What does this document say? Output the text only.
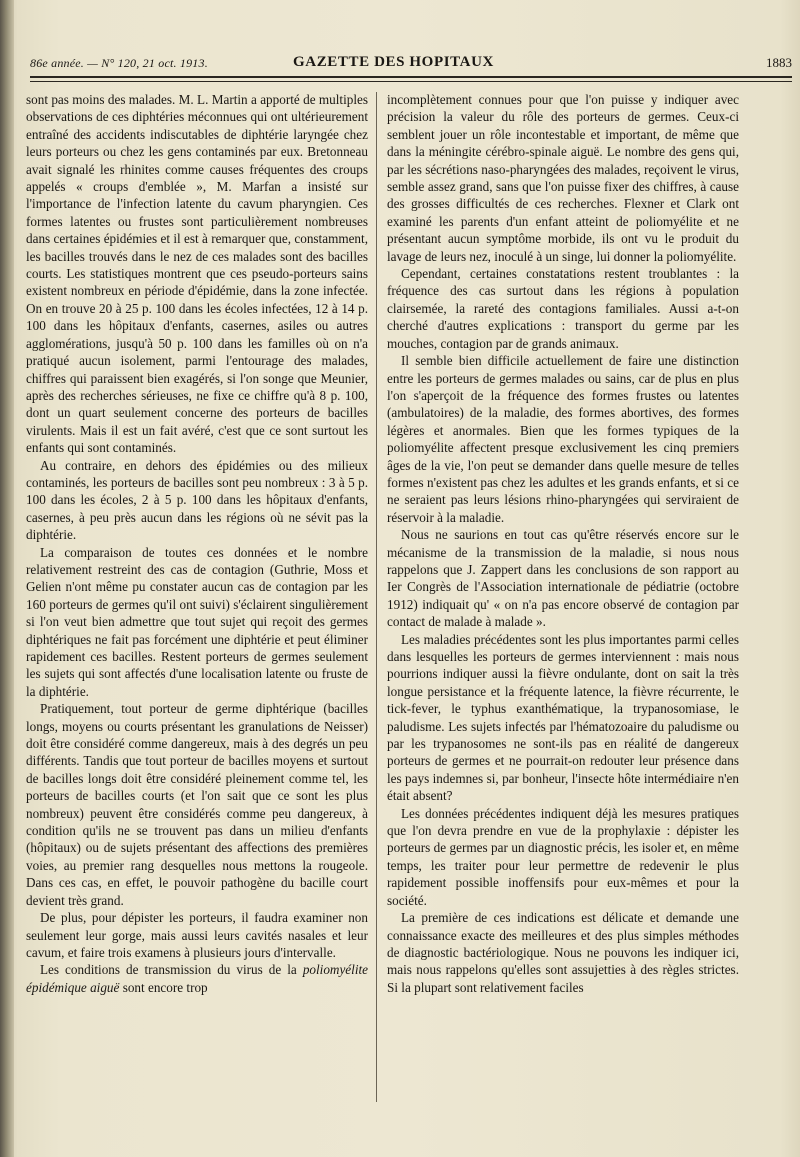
86e année. — N° 120, 21 oct. 1913.	GAZETTE DES HOPITAUX	1883

sont pas moins des malades. M. L. Martin a apporté de multiples observations de ces diphtéries méconnues qui ont ultérieurement entraîné des accidents indiscutables de diphtérie laryngée chez leurs porteurs ou chez les gens contaminés par eux. Bretonneau avait signalé les rhinites comme causes fréquentes des croups appelés « croups d'emblée », M. Marfan a insisté sur l'importance de l'infection latente du cavum pharyngien. Ces formes latentes ou frustes sont particulièrement nombreuses dans certaines épidémies et il est à remarquer que, constamment, les bacilles trouvés dans le nez de ces malades sont des bacilles courts. Les statistiques montrent que ces pseudo-porteurs sains existent nombreux en période d'épidémie, dans la zone infectée. On en trouve 20 à 25 p. 100 dans les écoles infectées, 12 à 14 p. 100 dans les hôpitaux d'enfants, casernes, asiles ou autres agglomérations, jusqu'à 50 p. 100 dans les familles où on n'a pratiqué aucun isolement, parmi l'entourage des malades, chiffres qui paraissent bien exagérés, si l'on songe que Meunier, après des recherches sérieuses, ne fixe ce chiffre qu'à 8 p. 100, dont un quart seulement concerne des porteurs de bacilles virulents. Mais il est un fait avéré, c'est que ce sont surtout les enfants qui sont contaminés.

Au contraire, en dehors des épidémies ou des milieux contaminés, les porteurs de bacilles sont peu nombreux : 3 à 5 p. 100 dans les écoles, 2 à 5 p. 100 dans les hôpitaux d'enfants, casernes, à peu près aucun dans les régions où ne sévit pas la diphtérie.

La comparaison de toutes ces données et le nombre relativement restreint des cas de contagion (Guthrie, Moss et Gelien n'ont même pu constater aucun cas de contagion par les 160 porteurs de germes qu'il ont suivi) s'éclairent singulièrement si l'on veut bien admettre que tout sujet qui reçoit des germes diphtériques ne fait pas forcément une diphtérie et peut éliminer rapidement ces bacilles. Restent porteurs de germes seulement les sujets qui sont affectés d'une localisation latente ou fruste de la diphtérie.

Pratiquement, tout porteur de germe diphtérique (bacilles longs, moyens ou courts présentant les granulations de Neisser) doit être considéré comme dangereux, mais à des degrés un peu différents. Tandis que tout porteur de bacilles moyens et surtout de bacilles longs doit être considéré pleinement comme tel, les porteurs de bacilles courts (et l'on sait que ce sont les plus nombreux) peuvent être considérés comme peu dangereux, à condition qu'ils ne se trouvent pas dans un milieu d'enfants (hôpitaux) ou de sujets présentant des affections des premières voies, au premier rang desquelles nous mettons la rougeole. Dans ces cas, en effet, le pouvoir pathogène du bacille court devient très grand.

De plus, pour dépister les porteurs, il faudra examiner non seulement leur gorge, mais aussi leurs cavités nasales et leur cavum, et faire trois examens à plusieurs jours d'intervalle.

Les conditions de transmission du virus de la poliomyélite épidémique aiguë sont encore trop

incomplètement connues pour que l'on puisse y indiquer avec précision la valeur du rôle des porteurs de germes. Ceux-ci semblent jouer un rôle incontestable et important, de même que dans la méningite cérébro-spinale aiguë. Le nombre des gens qui, par les sécrétions naso-pharyngées des malades, reçoivent le virus, semble assez grand, sans que l'on puisse fixer des chiffres, à cause des grosses difficultés de ces recherches. Flexner et Clark ont examiné les parents d'un enfant atteint de poliomyélite et ne présentant aucun symptôme morbide, ils ont vu le produit du lavage de leurs nez, inoculé à un singe, lui donner la poliomyélite.

Cependant, certaines constatations restent troublantes : la fréquence des cas surtout dans les régions à population clairsemée, la rareté des contagions familiales. Aussi a-t-on cherché d'autres explications : transport du germe par les mouches, contagion par de grands animaux.

Il semble bien difficile actuellement de faire une distinction entre les porteurs de germes malades ou sains, car de plus en plus l'on s'aperçoit de la fréquence des formes frustes ou latentes (ambulatoires) de la maladie, des formes abortives, des formes légères et anormales. Bien que les formes typiques de la poliomyélite affectent presque exclusivement les cinq premiers âges de la vie, l'on peut se demander dans quelle mesure de telles formes n'existent pas chez les adultes et les grands enfants, et si ce ne seraient pas leurs lésions rhino-pharyngées qui serviraient de réservoir à la maladie.

Nous ne saurions en tout cas qu'être réservés encore sur le mécanisme de la transmission de la maladie, si nous nous rappelons que J. Zappert dans les conclusions de son rapport au Ier Congrès de l'Association internationale de pédiatrie (octobre 1912) indiquait qu' « on n'a pas encore observé de contagion par contact de malade à malade ».

Les maladies précédentes sont les plus importantes parmi celles dans lesquelles les porteurs de germes interviennent : mais nous pourrions indiquer aussi la fièvre ondulante, dont on sait la très longue persistance et la fréquente latence, la fièvre récurrente, le tick-fever, le typhus exanthématique, la trypanosomiase, le paludisme. Les sujets infectés par l'hématozoaire du paludisme ou par les trypanosomes ne sont-ils pas en réalité de dangereux porteurs de germes et ne pourrait-on redouter leur présence dans les pays indemnes si, par bonheur, l'insecte hôte intermédiaire n'en était absent?

Les données précédentes indiquent déjà les mesures pratiques que l'on devra prendre en vue de la prophylaxie : dépister les porteurs de germes par un diagnostic précis, les isoler et, en même temps, les traiter pour leur permettre de redevenir le plus rapidement possible inoffensifs pour eux-mêmes et pour la société.

La première de ces indications est délicate et demande une connaissance exacte des meilleures et des plus simples méthodes de diagnostic bactériologique. Nous ne pouvons les indiquer ici, mais nous rappelons qu'elles sont assujetties à des règles strictes. Si la plupart sont relativement faciles
